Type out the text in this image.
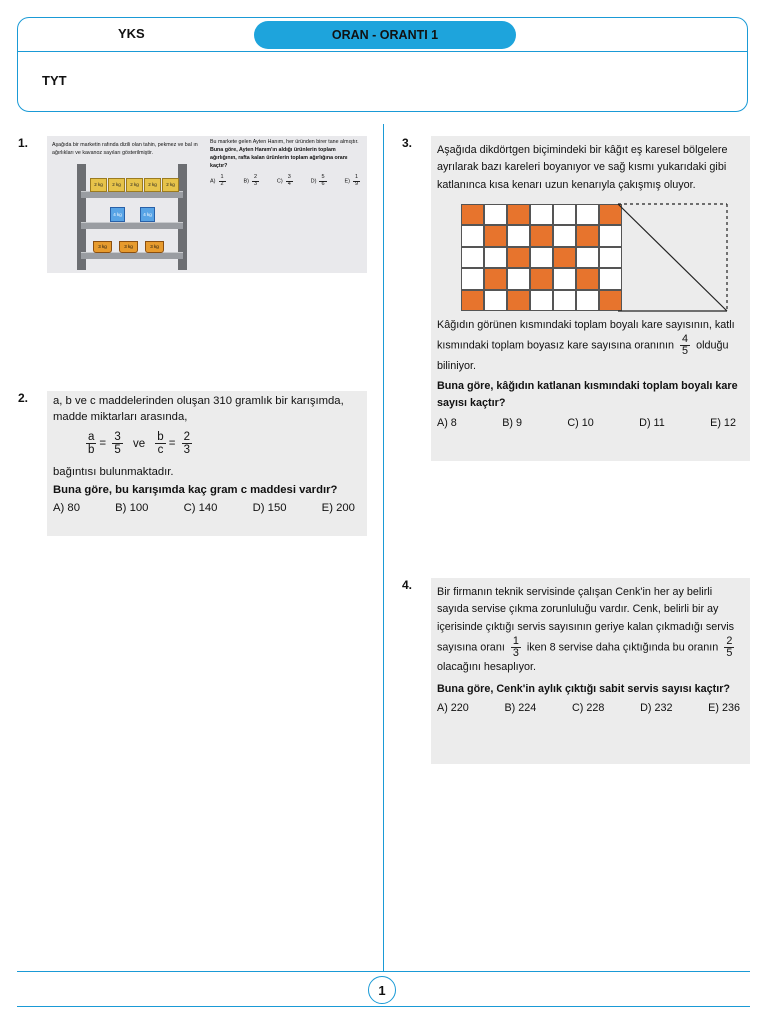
YKS	ORAN - ORANTI 1
TYT
1.	Aşağıda bir marketin rafında dizili olan tahin, pekmez ve bal ın ağırlıkları ve kavanoz sayıları gösterilmiştir.
2 kg	2 kg	2 kg	2 kg	2 kg
4 kg	4 kg
3 kg	3 kg	3 kg
Bu markete gelen Ayten Hanım, her üründen birer tane almıştır.
Buna göre, Ayten Hanım'ın aldığı ürünlerin toplam ağırlığının, rafta kalan ürünlerin toplam ağırlığına oranı kaçtır?
$A) \frac{1}{2}$	$B) \frac{2}{3}$	$C) \frac{3}{4}$	$D) \frac{5}{6}$	$E) \frac{1}{9}$
2. a, b ve c maddelerinden oluşan 310 gramlık bir karışımda,

madde miktarları arasında,

$\frac{a}{b} = \frac{3}{5}$ ve $\frac{b}{c} = \frac{2}{3}$

bağıntısı bulunmaktadır.

Buna göre, bu karışımda kaç gram c maddesi vardır?

A) 80	B) 100	C) 140	D) 150	E) 200
3. Aşağıda dikdörtgen biçimindeki bir kâğıt eş karesel bölgelere ayrılarak bazı kareleri boyanıyor ve sağ kısmı yukarıdaki gibi katlanınca kısa kenarı uzun kenarıyla çakışmış oluyor.

Kâğıdın görünen kısmındaki toplam boyalı kare sayısının, katlı kısmındaki toplam boyasız kare sayısına oranının $\frac{4}{5}$ olduğu biliniyor.

Buna göre, kâğıdın katlanan kısmındaki toplam boyalı kare sayısı kaçtır?

A) 8	B) 9	C) 10	D) 11	E) 12
4. Bir firmanın teknik servisinde çalışan Cenk'in her ay belirli sayıda servise çıkma zorunluluğu vardır. Cenk, belirli bir ay içerisinde çıktığı servis sayısının geriye kalan çıkmadığı servis sayısına oranı $\frac{1}{3}$ iken 8 servise daha çıktığında bu oranın $\frac{2}{5}$
olacağını hesaplıyor.

Buna göre, Cenk'in aylık çıktığı sabit servis sayısı kaçtır?

A) 220	B) 224	C) 228	D) 232	E) 236
1
